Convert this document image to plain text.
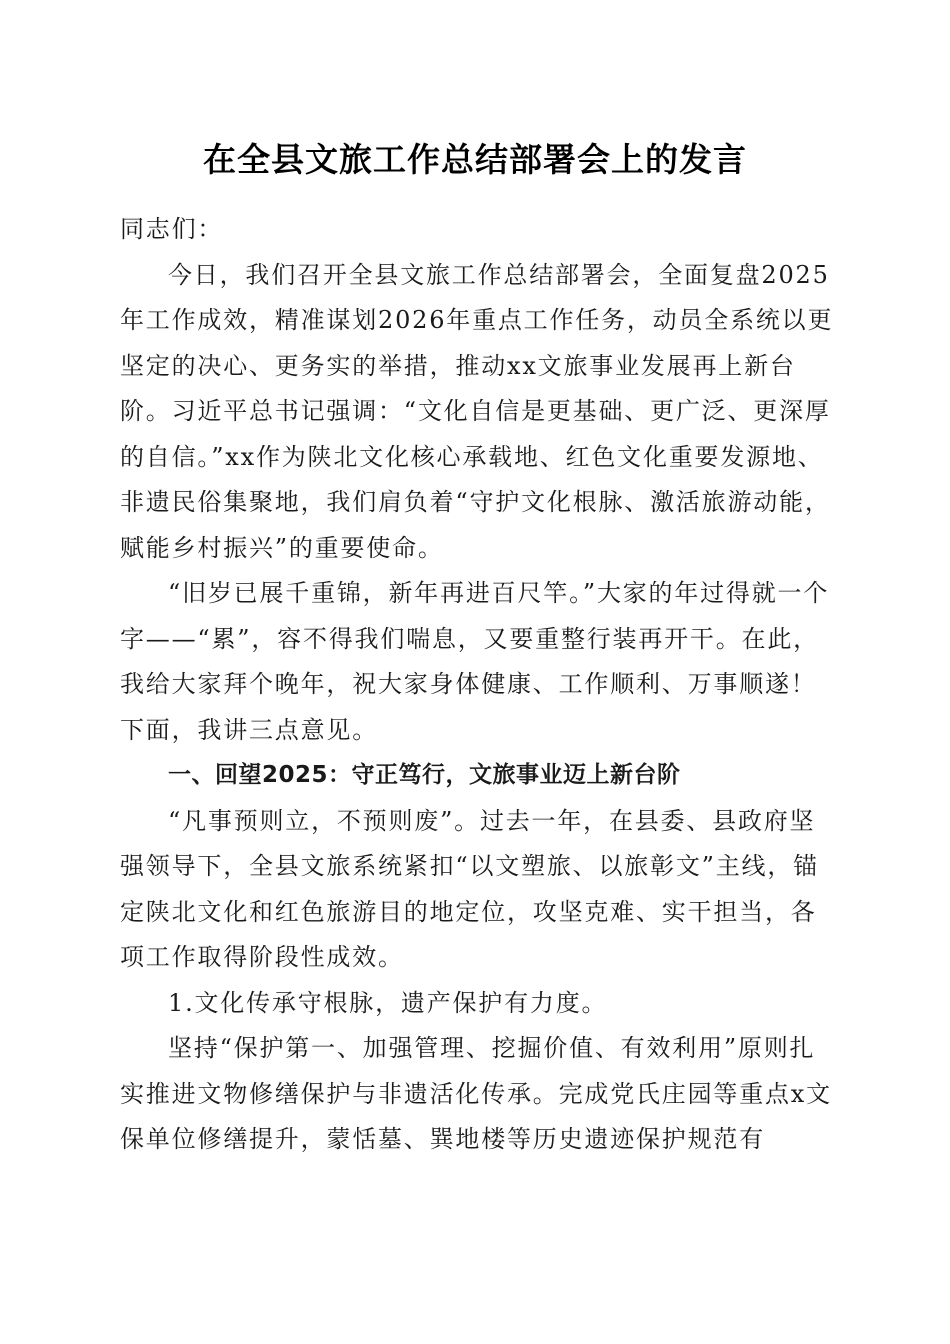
在全县文旅工作总结部署会上的发言

同志们：

今日，我们召开全县文旅工作总结部署会，全面复盘2025年工作成效，精准谋划2026年重点工作任务，动员全系统以更坚定的决心、更务实的举措，推动xx文旅事业发展再上新台阶。习近平总书记强调：“文化自信是更基础、更广泛、更深厚的自信。”xx作为陕北文化核心承载地、红色文化重要发源地、非遗民俗集聚地，我们肩负着“守护文化根脉、激活旅游动能，赋能乡村振兴”的重要使命。

“旧岁已展千重锦，新年再进百尺竿。”大家的年过得就一个字——“累”，容不得我们喘息，又要重整行装再开干。在此，我给大家拜个晚年，祝大家身体健康、工作顺利、万事顺遂！下面，我讲三点意见。

一、回望2025：守正笃行，文旅事业迈上新台阶

“凡事预则立，不预则废”。过去一年，在县委、县政府坚强领导下，全县文旅系统紧扣“以文塑旅、以旅彰文”主线，锚定陕北文化和红色旅游目的地定位，攻坚克难、实干担当，各项工作取得阶段性成效。

1.文化传承守根脉，遗产保护有力度。

坚持“保护第一、加强管理、挖掘价值、有效利用”原则扎实推进文物修缮保护与非遗活化传承。完成党氏庄园等重点x文保单位修缮提升，蒙恬墓、巽地楼等历史遗迹保护规范有
